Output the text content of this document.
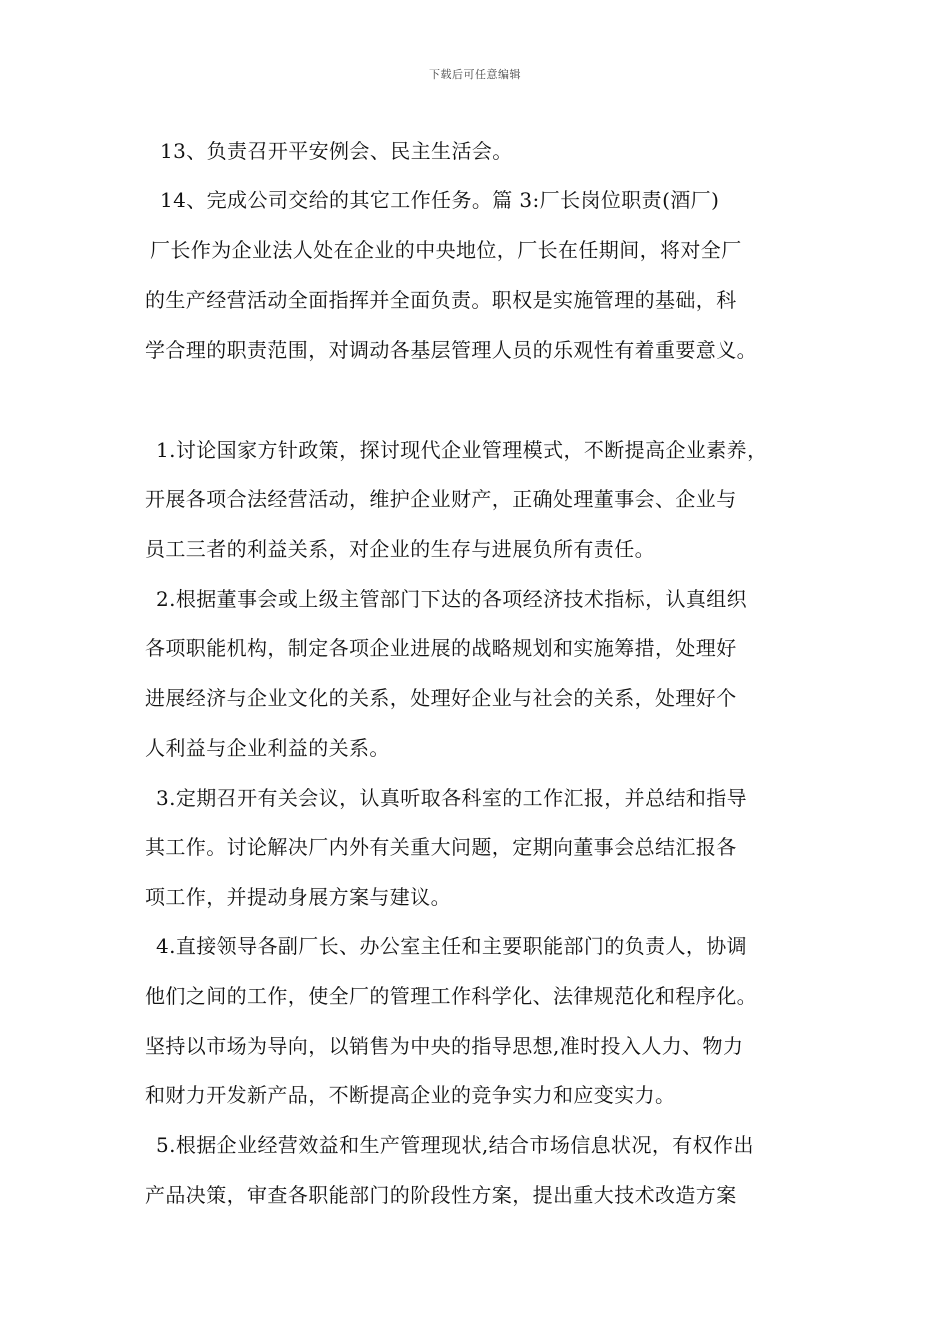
下载后可任意编辑
13、负责召开平安例会、民主生活会。
14、完成公司交给的其它工作任务。篇 3:厂长岗位职责(酒厂)
厂长作为企业法人处在企业的中央地位，厂长在任期间，将对全厂
的生产经营活动全面指挥并全面负责。职权是实施管理的基础，科
学合理的职责范围，对调动各基层管理人员的乐观性有着重要意义。
1.讨论国家方针政策，探讨现代企业管理模式，不断提高企业素养，
开展各项合法经营活动，维护企业财产，正确处理董事会、企业与
员工三者的利益关系，对企业的生存与进展负所有责任。
2.根据董事会或上级主管部门下达的各项经济技术指标，认真组织
各项职能机构，制定各项企业进展的战略规划和实施筹措，处理好
进展经济与企业文化的关系，处理好企业与社会的关系，处理好个
人利益与企业利益的关系。
3.定期召开有关会议，认真听取各科室的工作汇报，并总结和指导
其工作。讨论解决厂内外有关重大问题，定期向董事会总结汇报各
项工作，并提动身展方案与建议。
4.直接领导各副厂长、办公室主任和主要职能部门的负责人，协调
他们之间的工作，使全厂的管理工作科学化、法律规范化和程序化。
坚持以市场为导向，以销售为中央的指导思想,准时投入人力、物力
和财力开发新产品，不断提高企业的竞争实力和应变实力。
5.根据企业经营效益和生产管理现状,结合市场信息状况，有权作出
产品决策，审查各职能部门的阶段性方案，提出重大技术改造方案
